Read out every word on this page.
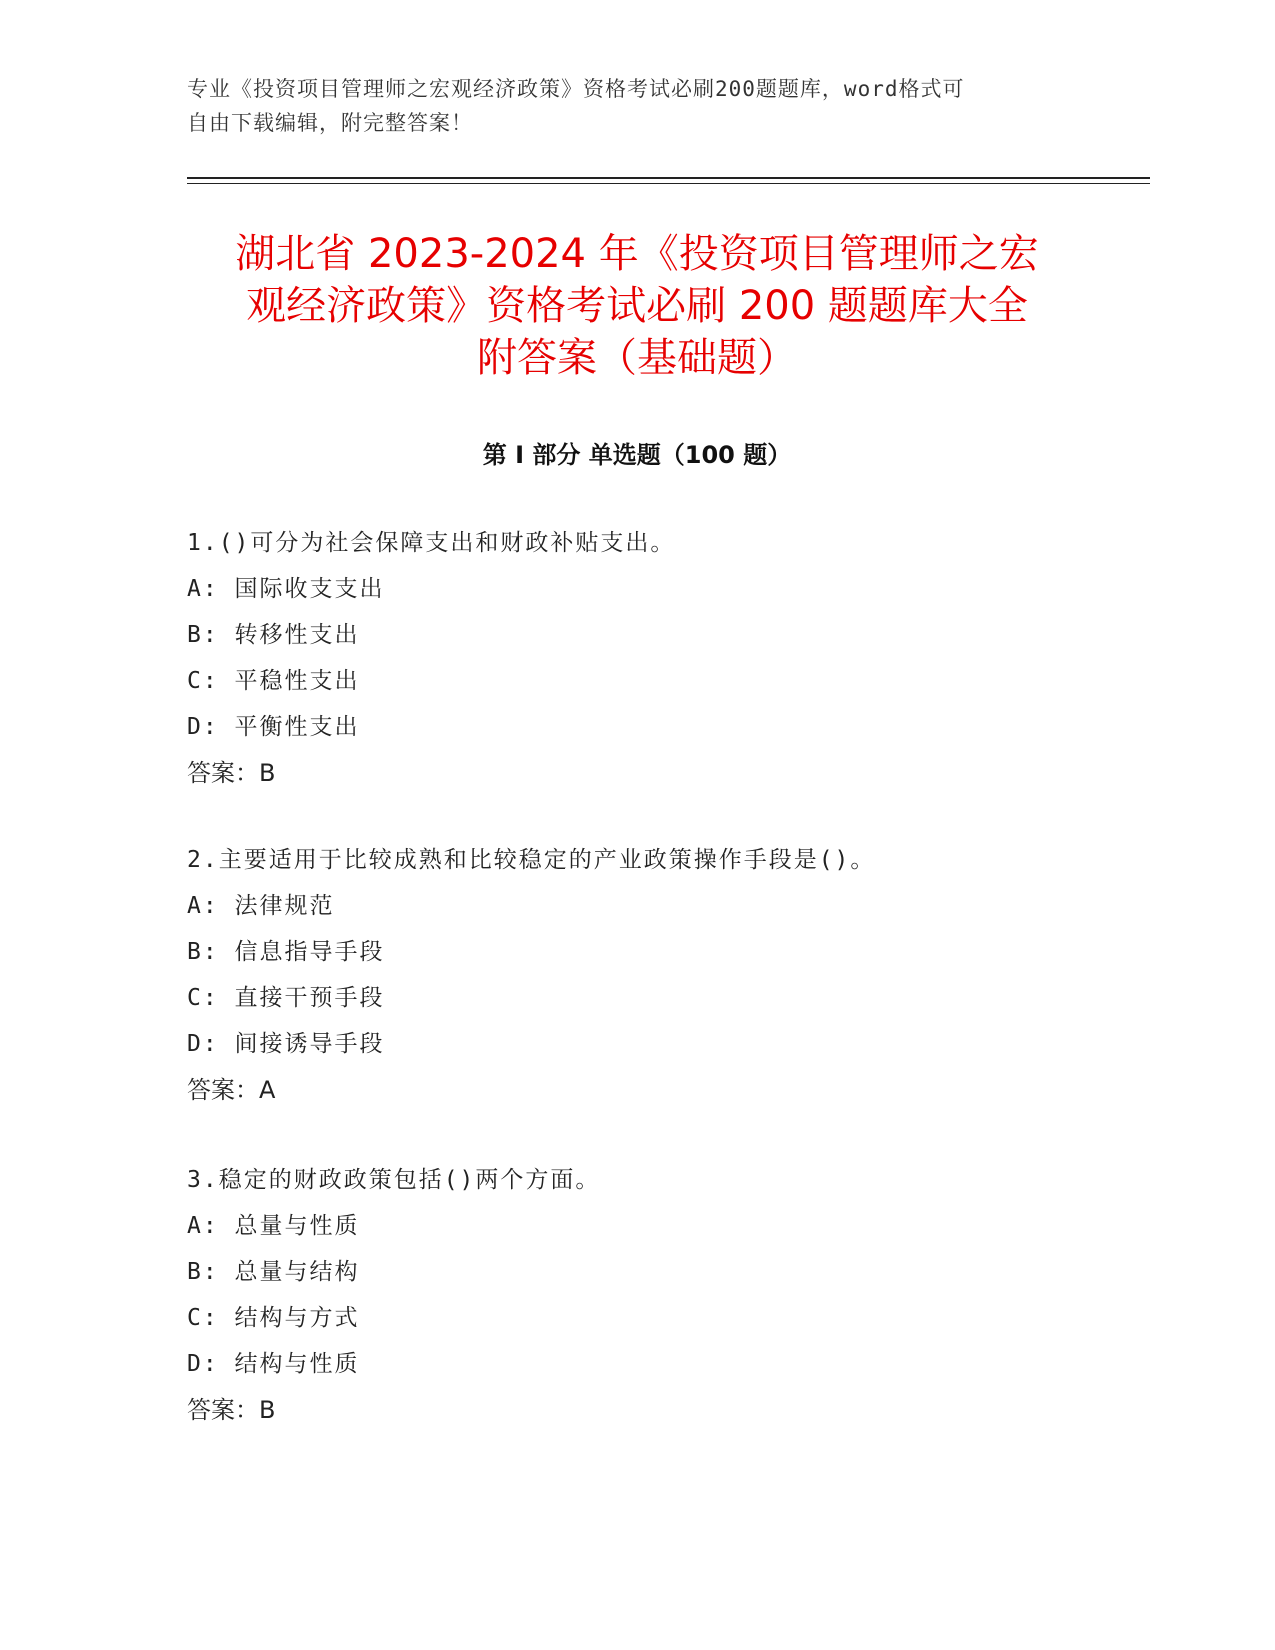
专业《投资项目管理师之宏观经济政策》资格考试必刷200题题库，word格式可
自由下载编辑，附完整答案！
湖北省 2023-2024 年《投资项目管理师之宏
观经济政策》资格考试必刷 200 题题库大全
附答案（基础题）
第 I 部分 单选题（100 题）
1.()可分为社会保障支出和财政补贴支出。
A: 国际收支支出
B: 转移性支出
C: 平稳性支出
D: 平衡性支出
答案：B
2.主要适用于比较成熟和比较稳定的产业政策操作手段是()。
A: 法律规范
B: 信息指导手段
C: 直接干预手段
D: 间接诱导手段
答案：A
3.稳定的财政政策包括()两个方面。
A: 总量与性质
B: 总量与结构
C: 结构与方式
D: 结构与性质
答案：B
